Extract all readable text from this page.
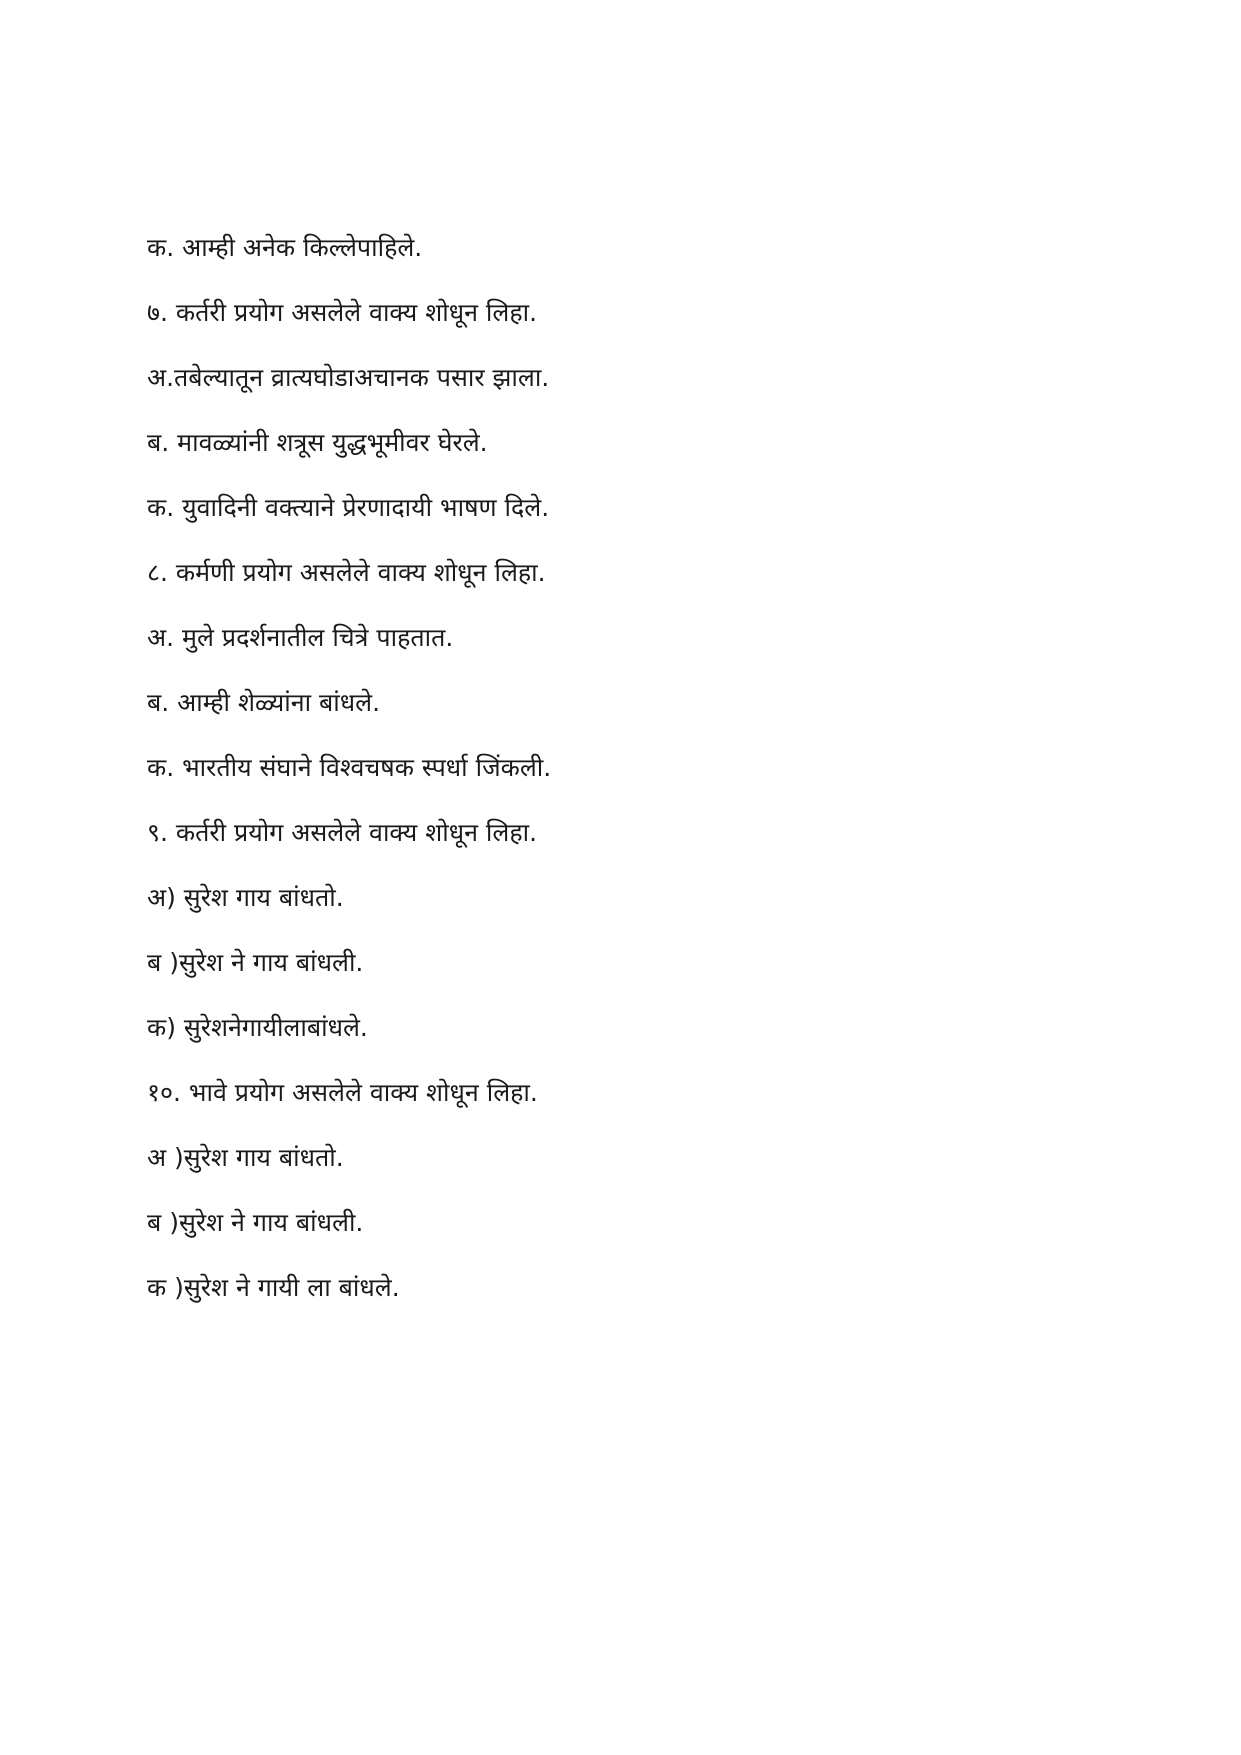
क. आम्ही अनेक किल्लेपाहिले.
७. कर्तरी प्रयोग असलेले वाक्य शोधून लिहा.
अ.तबेल्यातून व्रात्यघोडाअचानक पसार झाला.
ब. मावळ्यांनी शत्रूस युद्धभूमीवर घेरले.
क. युवादिनी वक्त्याने प्रेरणादायी भाषण दिले.
८. कर्मणी प्रयोग असलेले वाक्य शोधून लिहा.
अ. मुले प्रदर्शनातील चित्रे पाहतात.
ब. आम्ही शेळ्यांना बांधले.
क. भारतीय संघाने विश्वचषक स्पर्धा जिंकली.
९. कर्तरी प्रयोग असलेले वाक्य शोधून लिहा.
अ) सुरेश गाय बांधतो.
ब )सुरेश ने गाय बांधली.
क) सुरेशनेगायीलाबांधले.
१०. भावे प्रयोग असलेले वाक्य शोधून लिहा.
अ )सुरेश गाय बांधतो.
ब )सुरेश ने गाय बांधली.
क )सुरेश ने गायी ला बांधले.
